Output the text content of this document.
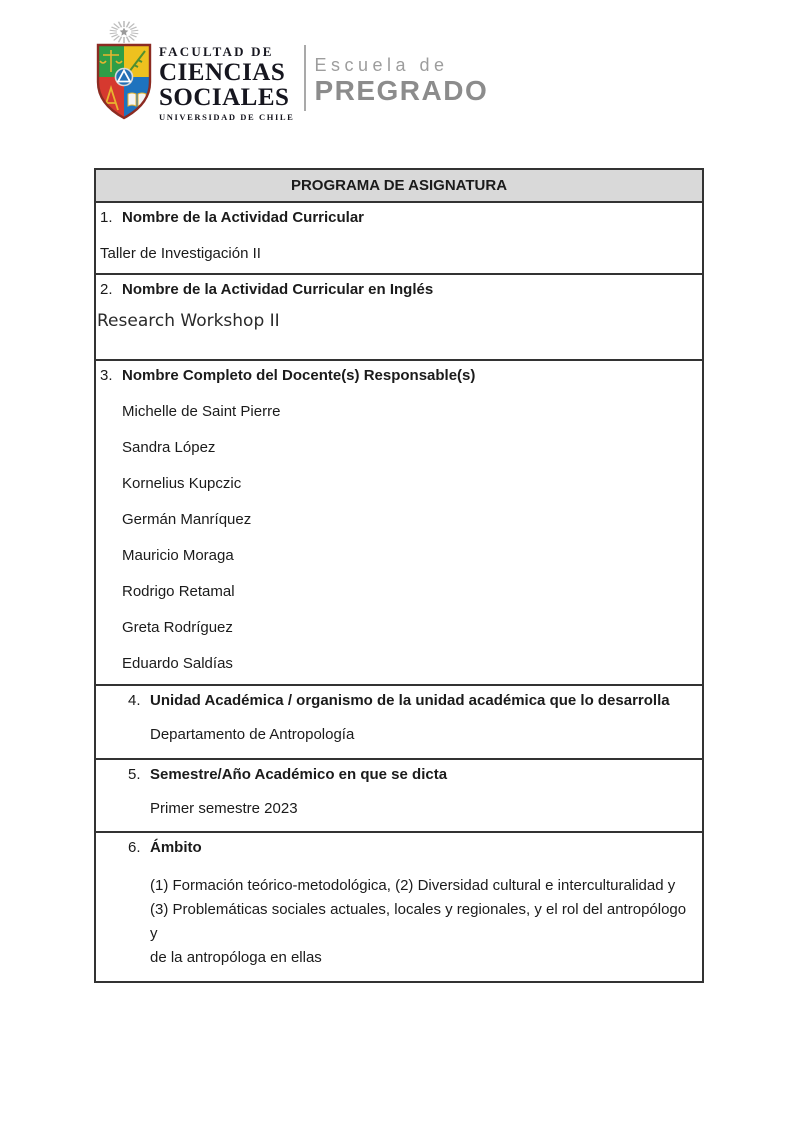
FACULTAD DE
CIENCIAS
SOCIALES
UNIVERSIDAD DE CHILE
Escuela de
PREGRADO
PROGRAMA DE ASIGNATURA
1. Nombre de la Actividad Curricular
Taller de Investigación II
2. Nombre de la Actividad Curricular en Inglés
Research Workshop II
3. Nombre Completo del Docente(s) Responsable(s)
Michelle de Saint Pierre
Sandra López
Kornelius Kupczic
Germán Manríquez
Mauricio Moraga
Rodrigo Retamal
Greta Rodríguez
Eduardo Saldías
4. Unidad Académica / organismo de la unidad académica que lo desarrolla
Departamento de Antropología
5. Semestre/Año Académico en que se dicta
Primer semestre 2023
6. Ámbito
(1) Formación teórico-metodológica, (2) Diversidad cultural e interculturalidad y
(3) Problemáticas sociales actuales, locales y regionales, y el rol del antropólogo y
de la antropóloga en ellas
